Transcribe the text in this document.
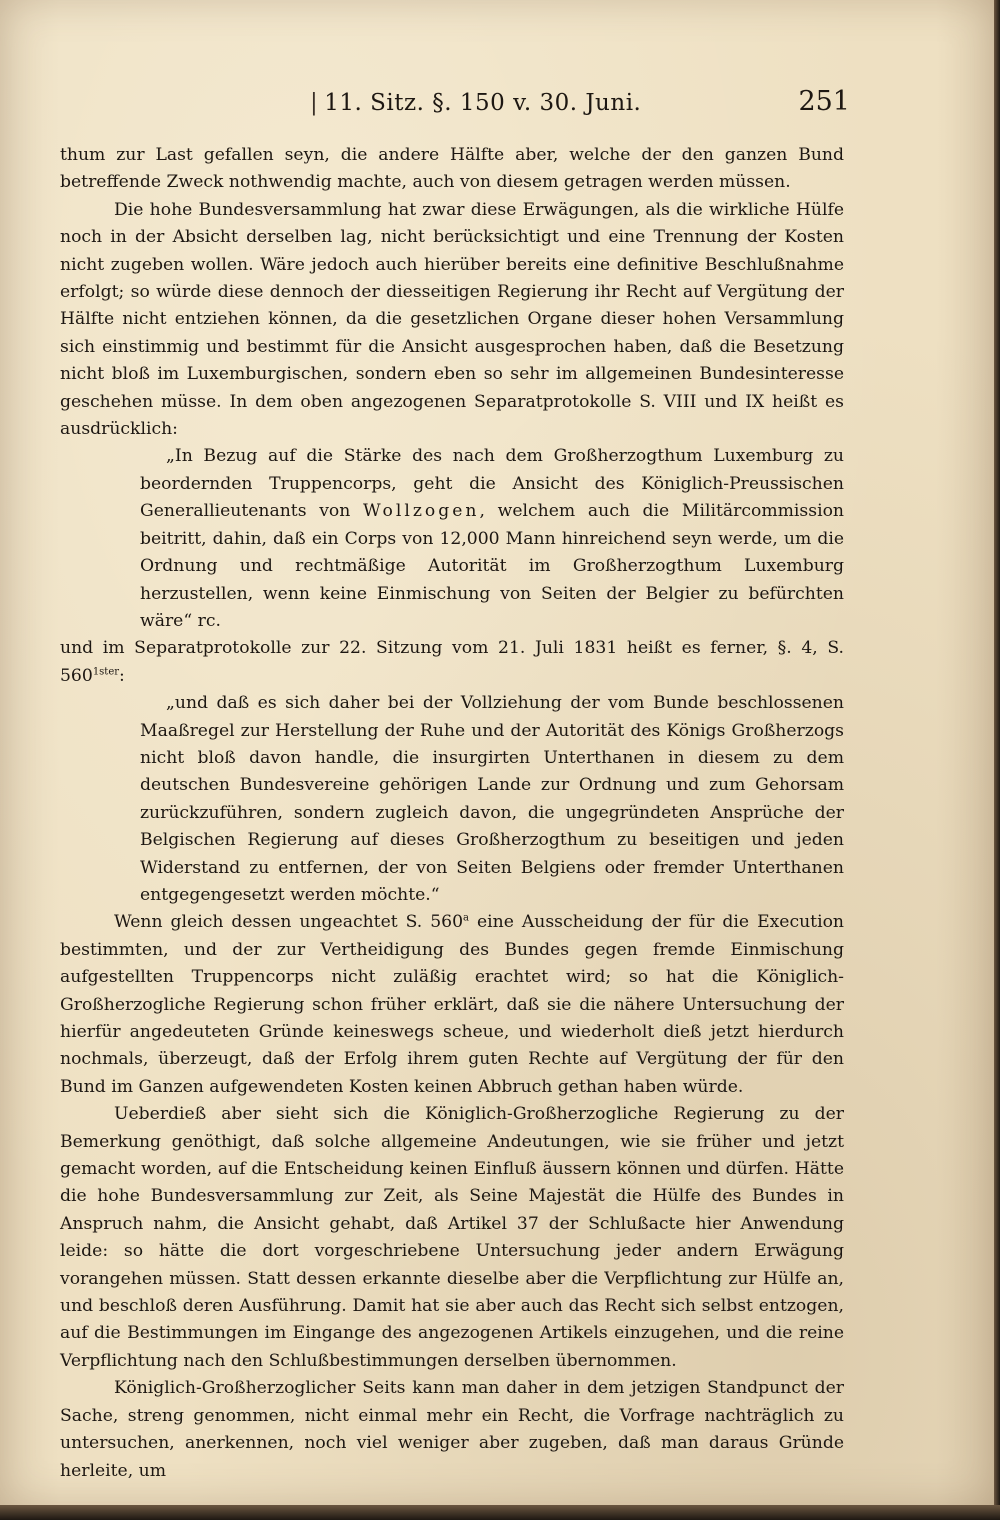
| 11. Sitz. §. 150 v. 30. Juni.	251

thum zur Last gefallen seyn, die andere Hälfte aber, welche der den ganzen Bund betreffende Zweck nothwendig machte, auch von diesem getragen werden müssen.

Die hohe Bundesversammlung hat zwar diese Erwägungen, als die wirkliche Hülfe noch in der Absicht derselben lag, nicht berücksichtigt und eine Trennung der Kosten nicht zugeben wollen. Wäre jedoch auch hierüber bereits eine definitive Beschlußnahme erfolgt; so würde diese dennoch der diesseitigen Regierung ihr Recht auf Vergütung der Hälfte nicht entziehen können, da die gesetzlichen Organe dieser hohen Versammlung sich einstimmig und bestimmt für die Ansicht ausgesprochen haben, daß die Besetzung nicht bloß im Luxemburgischen, sondern eben so sehr im allgemeinen Bundesinteresse geschehen müsse. In dem oben angezogenen Separatprotokolle S. VIII und IX heißt es ausdrücklich:

„In Bezug auf die Stärke des nach dem Großherzogthum Luxemburg zu beordernden Truppencorps, geht die Ansicht des Königlich-Preussischen Generallieutenants von Wollzogen, welchem auch die Militärcommission beitritt, dahin, daß ein Corps von 12,000 Mann hinreichend seyn werde, um die Ordnung und rechtmäßige Autorität im Großherzogthum Luxemburg herzustellen, wenn keine Einmischung von Seiten der Belgier zu befürchten wäre“ rc.

und im Separatprotokolle zur 22. Sitzung vom 21. Juli 1831 heißt es ferner, §. 4, S. $560^{1ster}$:

„und daß es sich daher bei der Vollziehung der vom Bunde beschlossenen Maaßregel zur Herstellung der Ruhe und der Autorität des Königs Großherzogs nicht bloß davon handle, die insurgirten Unterthanen in diesem zu dem deutschen Bundesvereine gehörigen Lande zur Ordnung und zum Gehorsam zurückzuführen, sondern zugleich davon, die ungegründeten Ansprüche der Belgischen Regierung auf dieses Großherzogthum zu beseitigen und jeden Widerstand zu entfernen, der von Seiten Belgiens oder fremder Unterthanen entgegengesetzt werden möchte.“

Wenn gleich dessen ungeachtet S. 560$^a$ eine Ausscheidung der für die Execution bestimmten, und der zur Vertheidigung des Bundes gegen fremde Einmischung aufgestellten Truppencorps nicht zuläßig erachtet wird; so hat die Königlich-Großherzogliche Regierung schon früher erklärt, daß sie die nähere Untersuchung der hierfür angedeuteten Gründe keineswegs scheue, und wiederholt dieß jetzt hierdurch nochmals, überzeugt, daß der Erfolg ihrem guten Rechte auf Vergütung der für den Bund im Ganzen aufgewendeten Kosten keinen Abbruch gethan haben würde.

Ueberdieß aber sieht sich die Königlich-Großherzogliche Regierung zu der Bemerkung genöthigt, daß solche allgemeine Andeutungen, wie sie früher und jetzt gemacht worden, auf die Entscheidung keinen Einfluß äussern können und dürfen. Hätte die hohe Bundesversammlung zur Zeit, als Seine Majestät die Hülfe des Bundes in Anspruch nahm, die Ansicht gehabt, daß Artikel 37 der Schlußacte hier Anwendung leide: so hätte die dort vorgeschriebene Untersuchung jeder andern Erwägung vorangehen müssen. Statt dessen erkannte dieselbe aber die Verpflichtung zur Hülfe an, und beschloß deren Ausführung. Damit hat sie aber auch das Recht sich selbst entzogen, auf die Bestimmungen im Eingange des angezogenen Artikels einzugehen, und die reine Verpflichtung nach den Schlußbestimmungen derselben übernommen.

Königlich-Großherzoglicher Seits kann man daher in dem jetzigen Standpunct der Sache, streng genommen, nicht einmal mehr ein Recht, die Vorfrage nachträglich zu untersuchen, anerkennen, noch viel weniger aber zugeben, daß man daraus Gründe herleite, um
